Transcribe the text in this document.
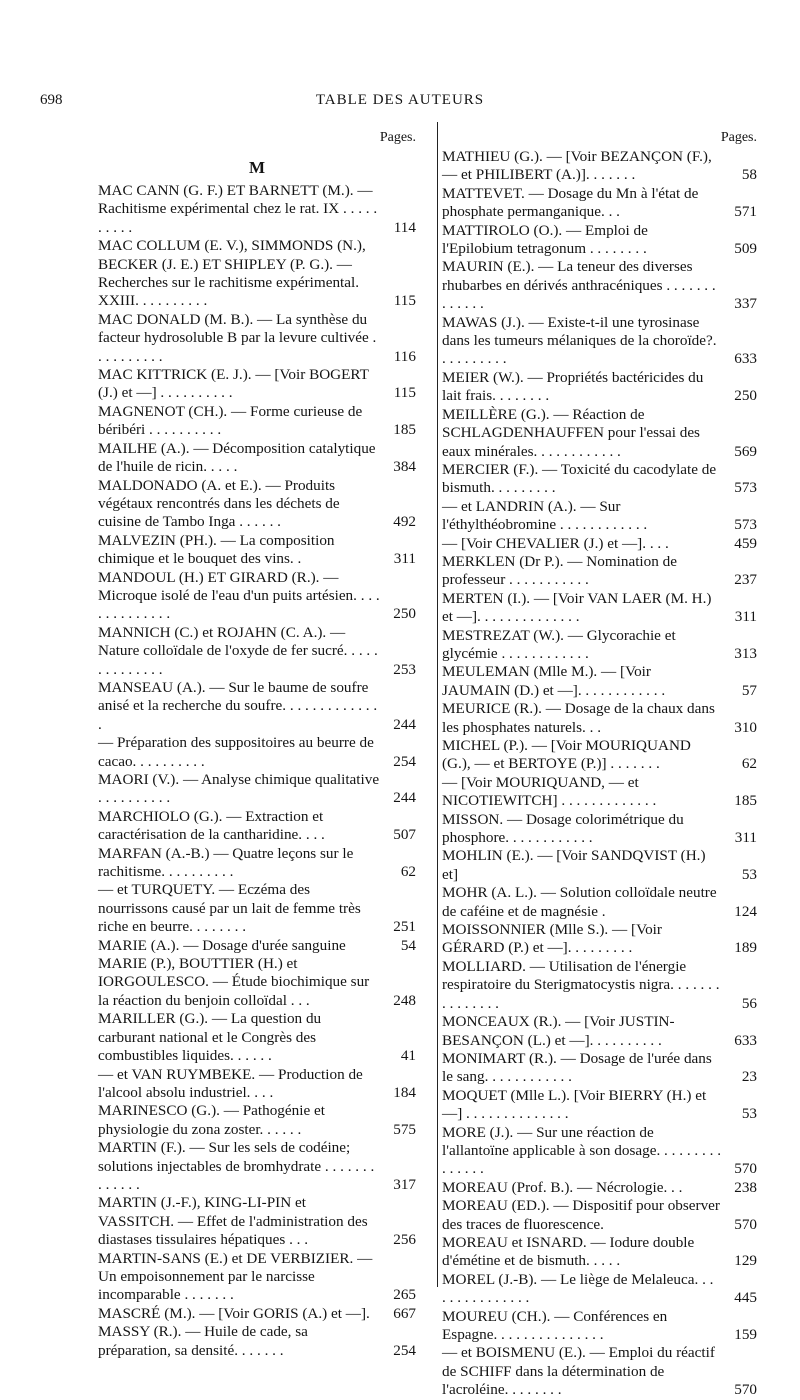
698	TABLE DES AUTEURS
Pages.
M
MAC CANN (G. F.) ET BARNETT (M.). — Rachitisme expérimental chez le rat. IX . . . . . . . . . .	114
MAC COLLUM (E. V.), SIMMONDS (N.), BECKER (J. E.) ET SHIPLEY (P. G.). — Recherches sur le rachitisme expérimental. XXIII. . . . . . . . . .	115
MAC DONALD (M. B.). — La synthèse du facteur hydrosoluble B par la levure cultivée . . . . . . . . . .	116
MAC KITTRICK (E. J.). — [Voir BOGERT (J.) et —] . . . . . . . . . .	115
MAGNENOT (CH.). — Forme curieuse de béribéri . . . . . . . . . .	185
MAILHE (A.). — Décomposition catalytique de l'huile de ricin. . . . .	384
MALDONADO (A. et E.). — Produits végétaux rencontrés dans les déchets de cuisine de Tambo Inga . . . . . .	492
MALVEZIN (PH.). — La composition chimique et le bouquet des vins. .	311
MANDOUL (H.) ET GIRARD (R.). — Microque isolé de l'eau d'un puits artésien. . . . . . . . . . . . . .	250
MANNICH (C.) et ROJAHN (C. A.). — Nature colloïdale de l'oxyde de fer sucré. . . . . . . . . . . . . .	253
MANSEAU (A.). — Sur le baume de soufre anisé et la recherche du soufre. . . . . . . . . . . . . .	244
— Préparation des suppositoires au beurre de cacao. . . . . . . . . .	254
MAORI (V.). — Analyse chimique qualitative . . . . . . . . . .	244
MARCHIOLO (G.). — Extraction et caractérisation de la cantharidine. . . .	507
MARFAN (A.-B.) — Quatre leçons sur le rachitisme. . . . . . . . . .	62
— et TURQUETY. — Eczéma des nourrissons causé par un lait de femme très riche en beurre. . . . . . . .	251
MARIE (A.). — Dosage d'urée sanguine	54
MARIE (P.), BOUTTIER (H.) et IORGOULESCO. — Étude biochimique sur la réaction du benjoin colloïdal . . .	248
MARILLER (G.). — La question du carburant national et le Congrès des combustibles liquides. . . . . .	41
— et VAN RUYMBEKE. — Production de l'alcool absolu industriel. . . .	184
MARINESCO (G.). — Pathogénie et physiologie du zona zoster. . . . . .	575
MARTIN (F.). — Sur les sels de codéine; solutions injectables de bromhydrate . . . . . . . . . . . . .	317
MARTIN (J.-F.), KING-LI-PIN et VASSITCH. — Effet de l'administration des diastases tissulaires hépatiques . . .	256
MARTIN-SANS (E.) et DE VERBIZIER. — Un empoisonnement par le narcisse incomparable . . . . . . .	265
MASCRÉ (M.). — [Voir GORIS (A.) et —].	667
MASSY (R.). — Huile de cade, sa préparation, sa densité. . . . . . .	254
Pages.
MATHIEU (G.). — [Voir BEZANÇON (F.), — et PHILIBERT (A.)]. . . . . . .	58
MATTEVET. — Dosage du Mn à l'état de phosphate permanganique. . .	571
MATTIROLO (O.). — Emploi de l'Epilobium tetragonum . . . . . . . .	509
MAURIN (E.). — La teneur des diverses rhubarbes en dérivés anthracéniques . . . . . . . . . . . . .	337
MAWAS (J.). — Existe-t-il une tyrosinase dans les tumeurs mélaniques de la choroïde?. . . . . . . . . .	633
MEIER (W.). — Propriétés bactéricides du lait frais. . . . . . . .	250
MEILLÈRE (G.). — Réaction de SCHLAGDENHAUFFEN pour l'essai des eaux minérales. . . . . . . . . . . .	569
MERCIER (F.). — Toxicité du cacodylate de bismuth. . . . . . . . .	573
— et LANDRIN (A.). — Sur l'éthylthéobromine . . . . . . . . . . . .	573
— [Voir CHEVALIER (J.) et —]. . . .	459
MERKLEN (Dr P.). — Nomination de professeur . . . . . . . . . . .	237
MERTEN (I.). — [Voir VAN LAER (M. H.) et —]. . . . . . . . . . . . . .	311
MESTREZAT (W.). — Glycorachie et glycémie . . . . . . . . . . . .	313
MEULEMAN (Mlle M.). — [Voir JAUMAIN (D.) et —]. . . . . . . . . . . .	57
MEURICE (R.). — Dosage de la chaux dans les phosphates naturels. . .	310
MICHEL (P.). — [Voir MOURIQUAND (G.), — et BERTOYE (P.)] . . . . . . .	62
— [Voir MOURIQUAND, — et NICOTIEWITCH] . . . . . . . . . . . . .	185
MISSON. — Dosage colorimétrique du phosphore. . . . . . . . . . . .	311
MOHLIN (E.). — [Voir SANDQVIST (H.) et]	53
MOHR (A. L.). — Solution colloïdale neutre de caféine et de magnésie .	124
MOISSONNIER (Mlle S.). — [Voir GÉRARD (P.) et —]. . . . . . . . .	189
MOLLIARD. — Utilisation de l'énergie respiratoire du Sterigmatocystis nigra. . . . . . . . . . . . . . .	56
MONCEAUX (R.). — [Voir JUSTIN-BESANÇON (L.) et —]. . . . . . . . . .	633
MONIMART (R.). — Dosage de l'urée dans le sang. . . . . . . . . . . .	23
MOQUET (Mlle L.). [Voir BIERRY (H.) et —] . . . . . . . . . . . . . .	53
MORE (J.). — Sur une réaction de l'allantoïne applicable à son dosage. . . . . . . . . . . . . . .	570
MOREAU (Prof. B.). — Nécrologie. . .	238
MOREAU (ED.). — Dispositif pour observer des traces de fluorescence.	570
MOREAU et ISNARD. — Iodure double d'émétine et de bismuth. . . . .	129
MOREL (J.-B). — Le liège de Melaleuca. . . . . . . . . . . . . . .	445
MOUREU (CH.). — Conférences en Espagne. . . . . . . . . . . . . . .	159
— et BOISMENU (E.). — Emploi du réactif de SCHIFF dans la détermination de l'acroléine. . . . . . . .	570
